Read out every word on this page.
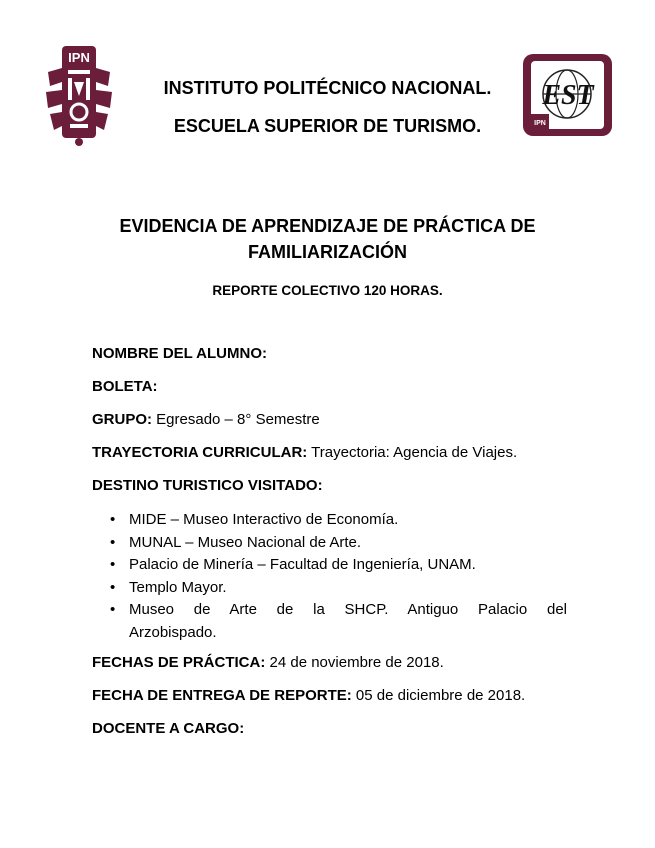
IPN
INSTITUTO POLITÉCNICO NACIONAL.
ESCUELA SUPERIOR DE TURISMO.
EST
IPN
EVIDENCIA DE APRENDIZAJE DE PRÁCTICA DE
FAMILIARIZACIÓN
REPORTE COLECTIVO 120 HORAS.

NOMBRE DEL ALUMNO:

BOLETA:

GRUPO: Egresado – 8° Semestre

TRAYECTORIA CURRICULAR: Trayectoria: Agencia de Viajes.

DESTINO TURISTICO VISITADO:

• MIDE – Museo Interactivo de Economía.
• MUNAL – Museo Nacional de Arte.
• Palacio de Minería – Facultad de Ingeniería, UNAM.
• Templo Mayor.
• Museo de Arte de la SHCP. Antiguo Palacio del
Arzobispado.

FECHAS DE PRÁCTICA: 24 de noviembre de 2018.

FECHA DE ENTREGA DE REPORTE: 05 de diciembre de 2018.

DOCENTE A CARGO:
